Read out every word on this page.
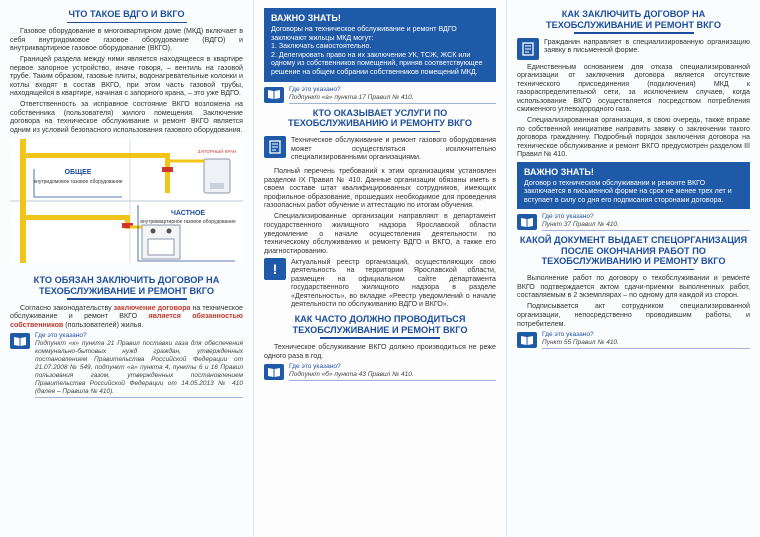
ЧТО ТАКОЕ ВДГО И ВКГО

Газовое оборудование в многоквартирном доме (МКД) включает в себя внутридомовое газовое оборудование (ВДГО) и внутриквартирное газовое оборудование (ВКГО).

Границей раздела между ними является находящееся в квартире первое запорное устройство, иначе говоря, – вентиль на газовой трубе. Таким образом, газовые плиты, водонагревательные колонки и котлы входят в состав ВКГО, при этом часть газовой трубы, находящейся в квартире, начиная с запорного крана, – это уже ВДГО.

Ответственность за исправное состояние ВКГО возложена на собственника (пользователя) жилого помещения. Заключение договора на техническое обслуживание и ремонт ВКГО является одним из условий безопасного использования газового оборудования.

ОБЩЕЕ
внутридомовое газовое оборудование
ЧАСТНОЕ
внутриквартирное газовое оборудование
ЗАПОРНЫЙ КРАН
КТО ОБЯЗАН ЗАКЛЮЧИТЬ ДОГОВОР НА ТЕХОБСЛУЖИВАНИЕ И РЕМОНТ ВКГО

Согласно законодательству заключение договора на техническое обслуживание и ремонт ВКГО является обязанностью собственников (пользователей) жилья.

Где это указано?
Подпункт «к» пункта 21 Правил поставки газа для обеспечения коммунально-бытовых нужд граждан, утвержденных постановлением Правительства Российской Федерации от 21.07.2008 № 549, подпункт «а» пункта 4, пункты 6 и 16 Правил пользования газом, утвержденных постановлением Правительства Российской Федерации от 14.05.2013 № 410 (далее – Правила № 410).
ВАЖНО ЗНАТЬ!
Договоры на техническое обслуживание и ремонт ВДГО заключают жильцы МКД могут:
1. Заключать самостоятельно.
2. Делегировать право на их заключение УК, ТСЖ, ЖСК или одному из собственников помещений, приняв соответствующее решение на общем собрании собственников помещений МКД.
Где это указано?
Подпункт «а» пункта 17 Правил № 410.
КТО ОКАЗЫВАЕТ УСЛУГИ ПО ТЕХОБСЛУЖИВАНИЮ И РЕМОНТУ ВКГО

Техническое обслуживание и ремонт газового оборудования может осуществляться исключительно специализированными организациями.

Полный перечень требований к этим организациям установлен разделом IX Правил № 410. Данные организации обязаны иметь в своем составе штат квалифицированных сотрудников, имеющих профильное образование, прошедших необходимое для проведения газоопасных работ обучение и аттестацию по итогам обучения.

Специализированные организации направляют в департамент государственного жилищного надзора Ярославской области уведомление о начале осуществления деятельности по техническому обслуживанию и ремонту ВДГО и ВКГО, а также его диагностированию.

!	Актуальный реестр организаций, осуществляющих свою деятельность на территории Ярославской области, размещен на официальном сайте департамента государственного жилищного надзора в разделе «Деятельность», во вкладке «Реестр уведомлений о начале деятельности по обслуживанию ВДГО и ВКГО».

КАК ЧАСТО ДОЛЖНО ПРОВОДИТЬСЯ ТЕХОБСЛУЖИВАНИЕ И РЕМОНТ ВКГО

Техническое обслуживание ВКГО должно производиться не реже одного раза в год.

Где это указано?
Подпункт «б» пункта 43 Правил № 410.
КАК ЗАКЛЮЧИТЬ ДОГОВОР НА ТЕХОБСЛУЖИВАНИЕ И РЕМОНТ ВКГО

Гражданин направляет в специализированную организацию заявку в письменной форме.

Единственным основанием для отказа специализированной организации от заключения договора является отсутствие технического присоединения (подключения) МКД к газораспределительной сети, за исключением случаев, когда использование ВКГО осуществляется посредством потребления сжиженного углеводородного газа.

Специализированная организация, в свою очередь, также вправе по собственной инициативе направить заявку о заключении такого договора гражданину. Подробный порядок заключения договора на техническое обслуживание и ремонт ВКГО предусмотрен разделом III Правил № 410.

ВАЖНО ЗНАТЬ!
Договор о техническом обслуживании и ремонте ВКГО заключается в письменной форме на срок не менее трех лет и вступает в силу со дня его подписания сторонами договора.
Где это указано?
Пункт 37 Правил № 410.
КАКОЙ ДОКУМЕНТ ВЫДАЕТ СПЕЦОРГАНИЗАЦИЯ ПОСЛЕ ОКОНЧАНИЯ РАБОТ ПО ТЕХОБСЛУЖИВАНИЮ И РЕМОНТУ ВКГО

Выполнение работ по договору о техобслуживании и ремонте ВКГО подтверждается актом сдачи-приемки выполненных работ, составляемым в 2 экземплярах – по одному для каждой из сторон.

Подписывается акт сотрудником специализированной организации, непосредственно проводившим работы, и потребителем.

Где это указано?
Пункт 55 Правил № 410.
